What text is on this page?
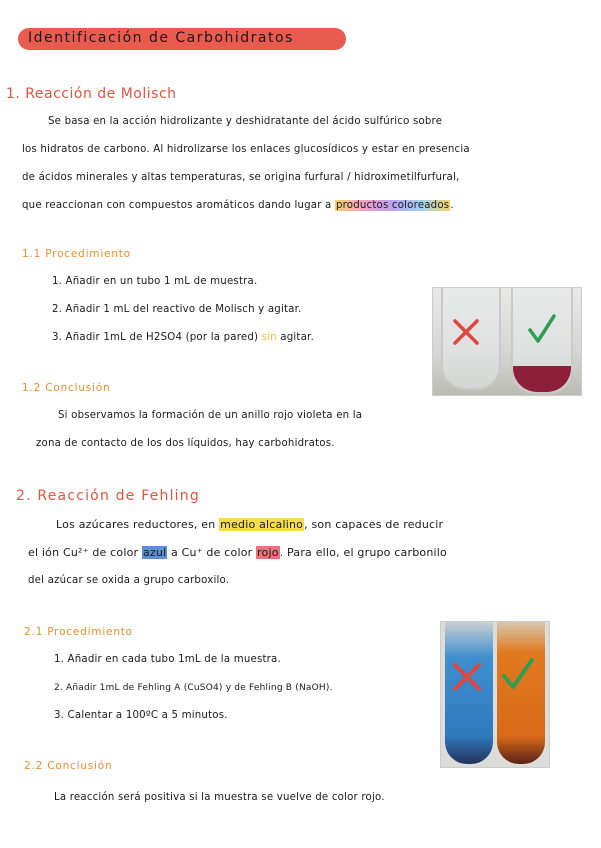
Identificación de Carbohidratos
1. Reacción de Molisch
Se basa en la acción hidrolizante y deshidratante del ácido sulfúrico sobre
los hidratos de carbono. Al hidrolizarse los enlaces glucosídicos y estar en presencia
de ácidos minerales y altas temperaturas, se origina furfural / hidroximetilfurfural,
que reaccionan con compuestos aromáticos dando lugar a productos coloreados.
1.1 Procedimiento
1. Añadir en un tubo 1 mL de muestra.
2. Añadir 1 mL del reactivo de Molisch y agitar.
3. Añadir 1mL de H2SO4 (por la pared) sin agitar.
1.2 Conclusión
Si observamos la formación de un anillo rojo violeta en la
zona de contacto de los dos líquidos, hay carbohidratos.
2. Reacción de Fehling
Los azúcares reductores, en medio alcalino, son capaces de reducir
el ión Cu²⁺ de color azul a Cu⁺ de color rojo. Para ello, el grupo carbonilo
del azúcar se oxida a grupo carboxilo.
2.1 Procedimiento
1. Añadir en cada tubo 1mL de la muestra.
2. Añadir 1mL de Fehling A (CuSO4) y de Fehling B (NaOH).
3. Calentar a 100ºC a 5 minutos.
2.2 Conclusión
La reacción será positiva si la muestra se vuelve de color rojo.
